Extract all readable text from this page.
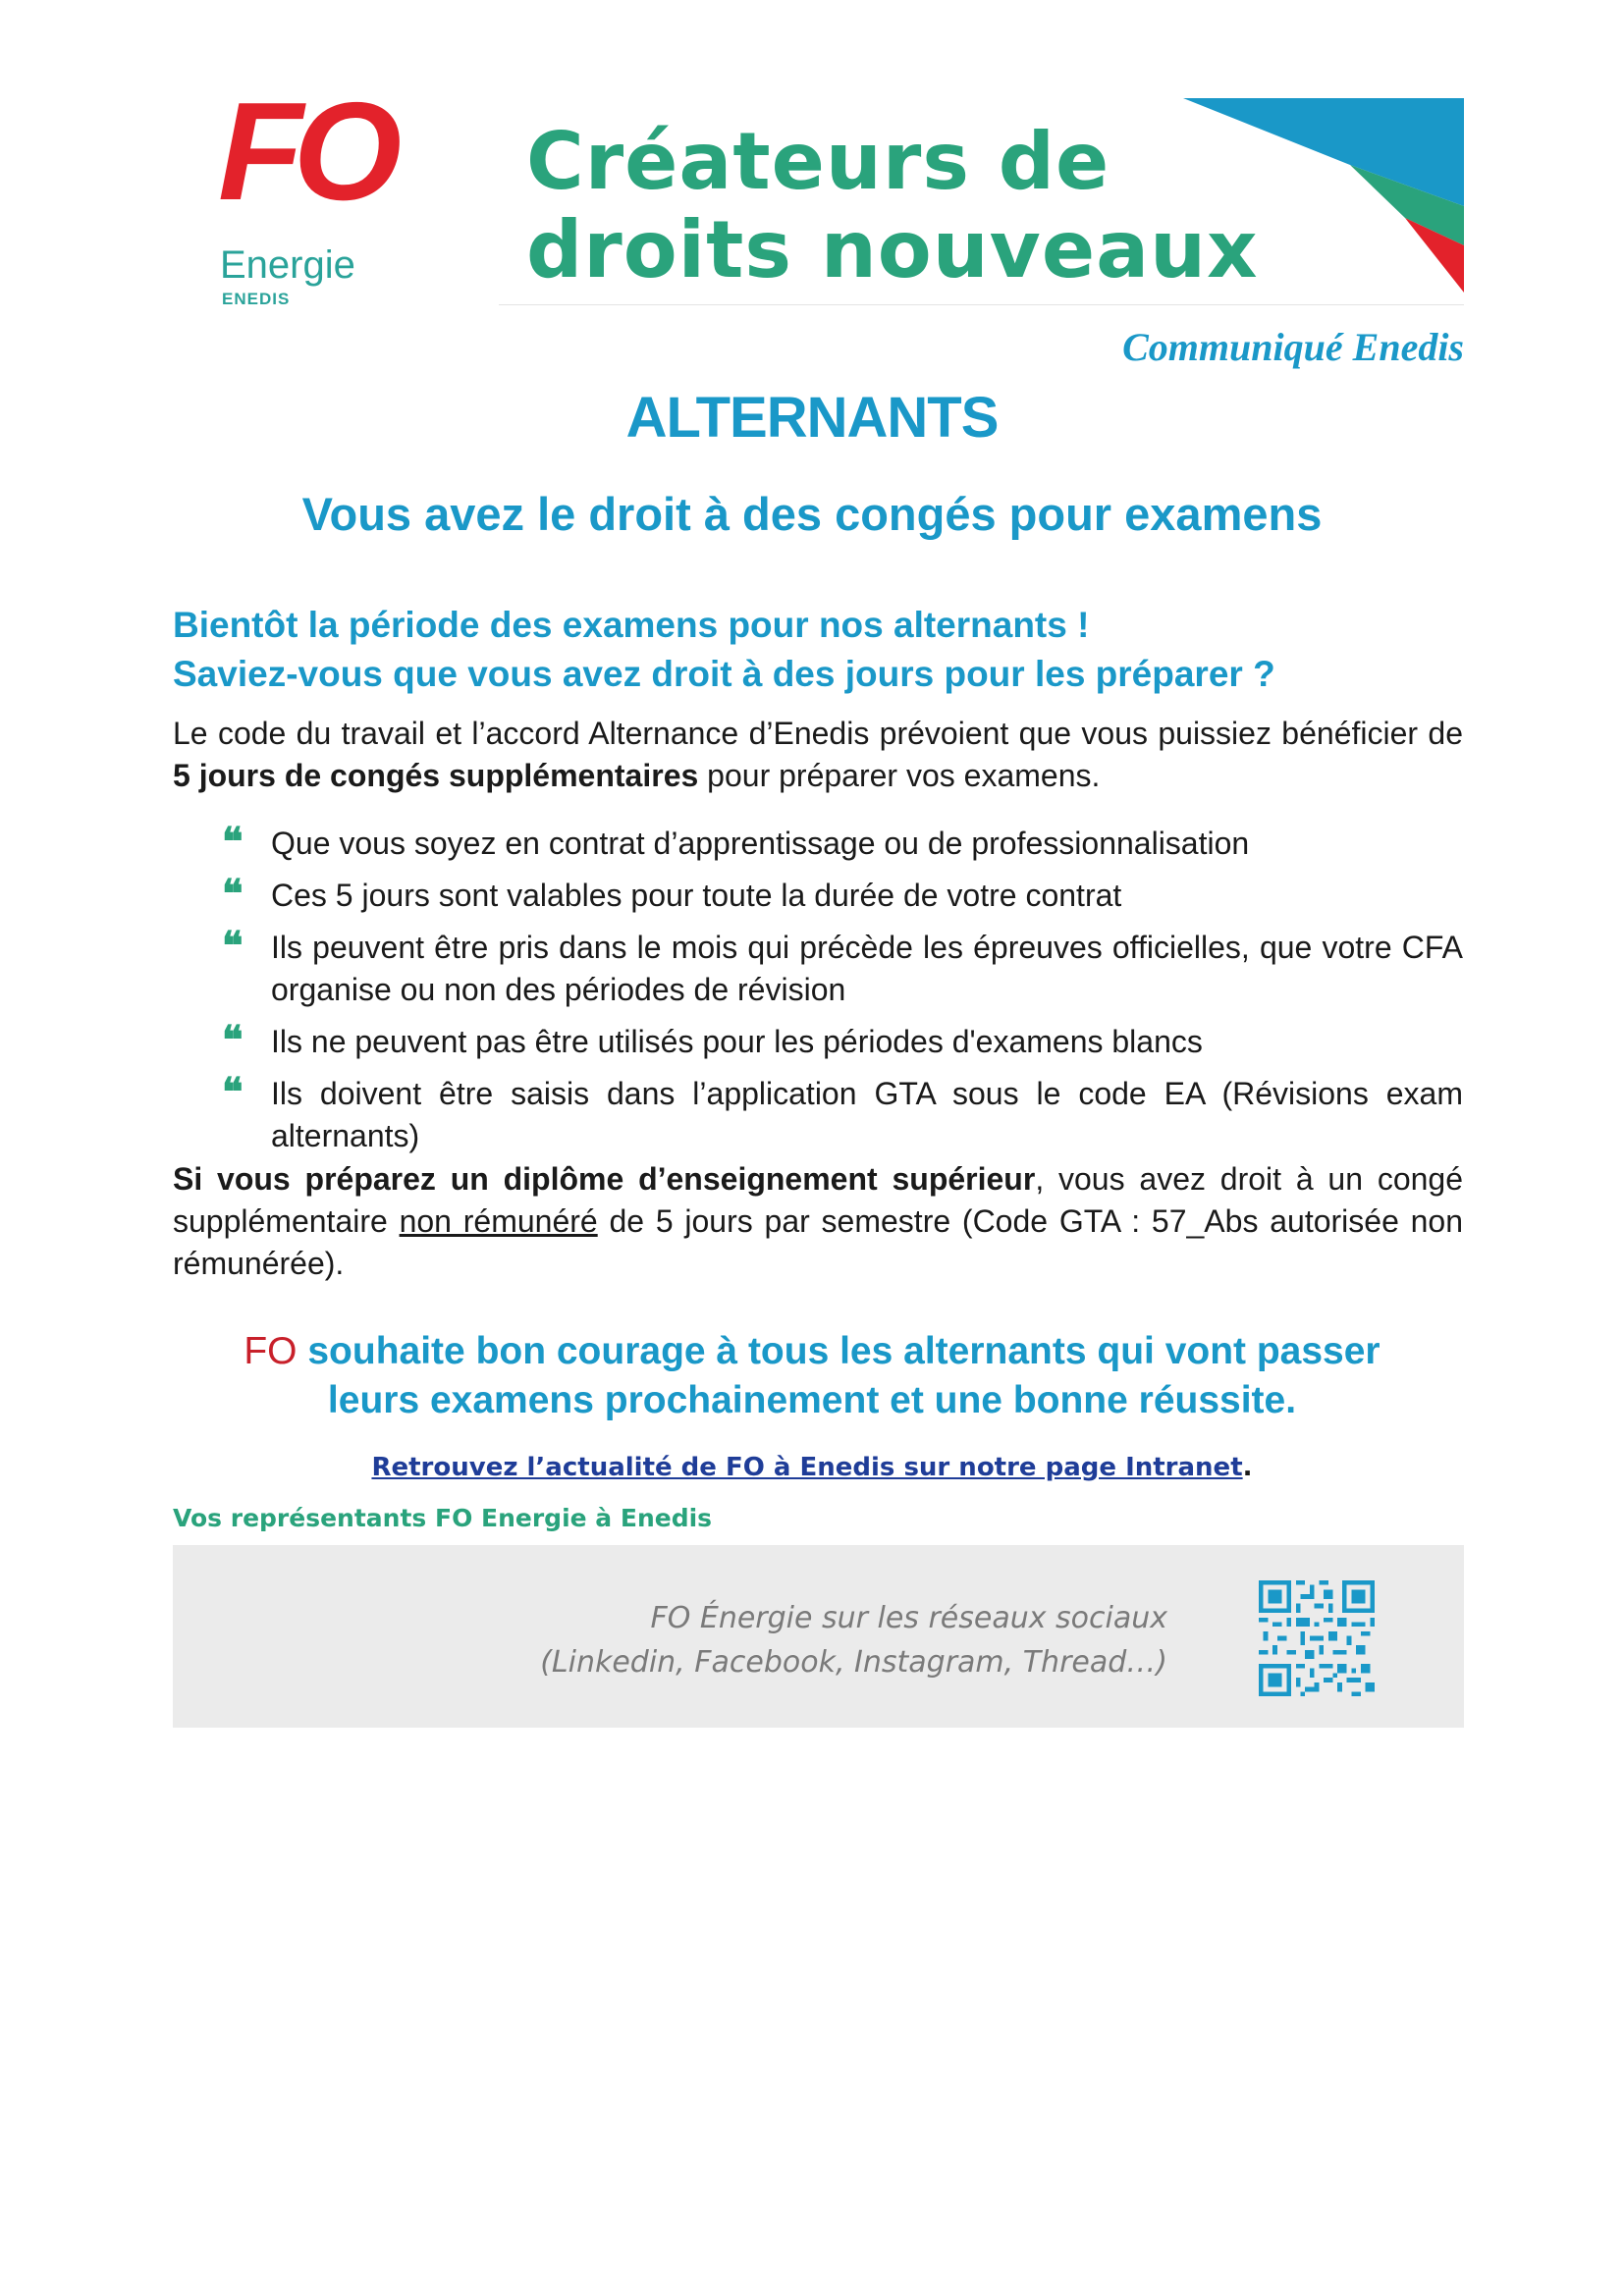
FO
Energie
ENEDIS
Créateurs de
droits nouveaux
Communiqué Enedis
ALTERNANTS
Vous avez le droit à des congés pour examens
Bientôt la période des examens pour nos alternants !
Saviez-vous que vous avez droit à des jours pour les préparer ?
Le code du travail et l’accord Alternance d’Enedis prévoient que vous puissiez bénéficier de 5 jours de congés supplémentaires pour préparer vos examens.
❝ Que vous soyez en contrat d’apprentissage ou de professionnalisation
❝ Ces 5 jours sont valables pour toute la durée de votre contrat
❝ Ils peuvent être pris dans le mois qui précède les épreuves officielles, que votre CFA organise ou non des périodes de révision
❝ Ils ne peuvent pas être utilisés pour les périodes d'examens blancs
❝ Ils doivent être saisis dans l’application GTA sous le code EA (Révisions exam alternants)
Si vous préparez un diplôme d’enseignement supérieur, vous avez droit à un congé supplémentaire non rémunéré de 5 jours par semestre (Code GTA : 57_Abs autorisée non rémunérée).
FO souhaite bon courage à tous les alternants qui vont passer
leurs examens prochainement et une bonne réussite.
Retrouvez l’actualité de FO à Enedis sur notre page Intranet.
Vos représentants FO Energie à Enedis
FO Énergie sur les réseaux sociaux
(Linkedin, Facebook, Instagram, Thread…)
